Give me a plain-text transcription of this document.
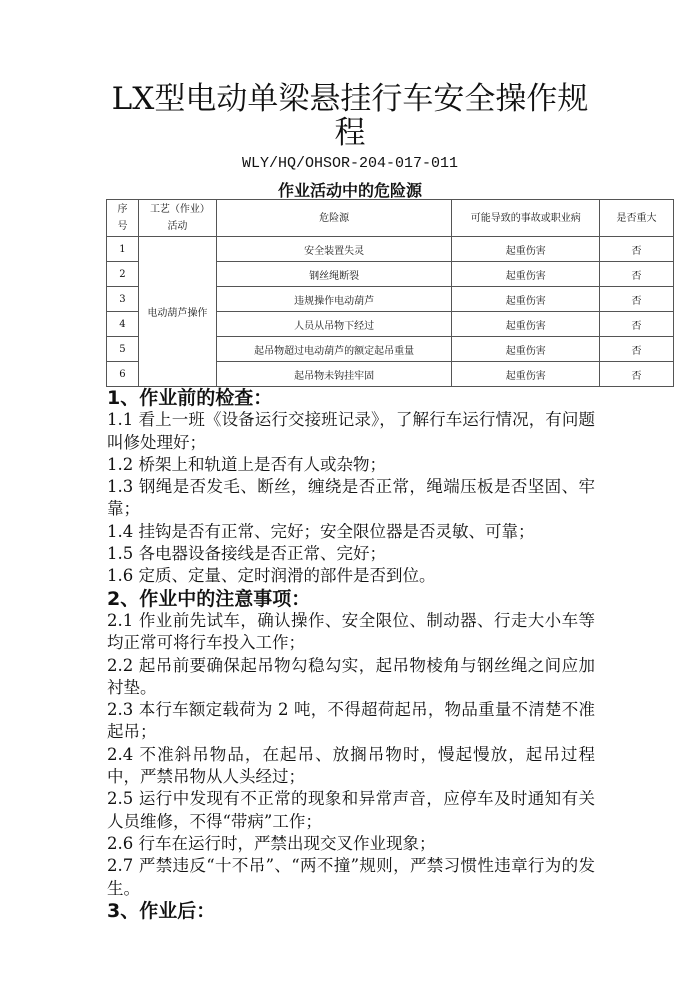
LX型电动单梁悬挂行车安全操作规程
WLY/HQ/OHSOR-204-017-011
作业活动中的危险源
序号	工艺（作业）活动	危险源	可能导致的事故或职业病	是否重大
1	电动葫芦操作	安全装置失灵	起重伤害	否
2		钢丝绳断裂	起重伤害	否
3		违规操作电动葫芦	起重伤害	否
4		人员从吊物下经过	起重伤害	否
5		起吊物超过电动葫芦的额定起吊重量	起重伤害	否
6		起吊物未钩挂牢固	起重伤害	否
1、作业前的检查：

1.1 看上一班《设备运行交接班记录》，了解行车运行情况，有问题叫修处理好；

1.2 桥架上和轨道上是否有人或杂物；

1.3 钢绳是否发毛、断丝，缠绕是否正常，绳端压板是否坚固、牢靠；

1.4 挂钩是否有正常、完好；安全限位器是否灵敏、可靠；

1.5 各电器设备接线是否正常、完好；

1.6 定质、定量、定时润滑的部件是否到位。

2、作业中的注意事项：

2.1 作业前先试车，确认操作、安全限位、制动器、行走大小车等均正常可将行车投入工作；

2.2 起吊前要确保起吊物勾稳勾实，起吊物棱角与钢丝绳之间应加衬垫。

2.3 本行车额定载荷为 2 吨，不得超荷起吊，物品重量不清楚不准起吊；

2.4 不准斜吊物品，在起吊、放搁吊物时，慢起慢放，起吊过程中，严禁吊物从人头经过；

2.5 运行中发现有不正常的现象和异常声音，应停车及时通知有关人员维修，不得“带病”工作；

2.6 行车在运行时，严禁出现交叉作业现象；

2.7 严禁违反“十不吊”、“两不撞”规则，严禁习惯性违章行为的发生。

3、作业后：
